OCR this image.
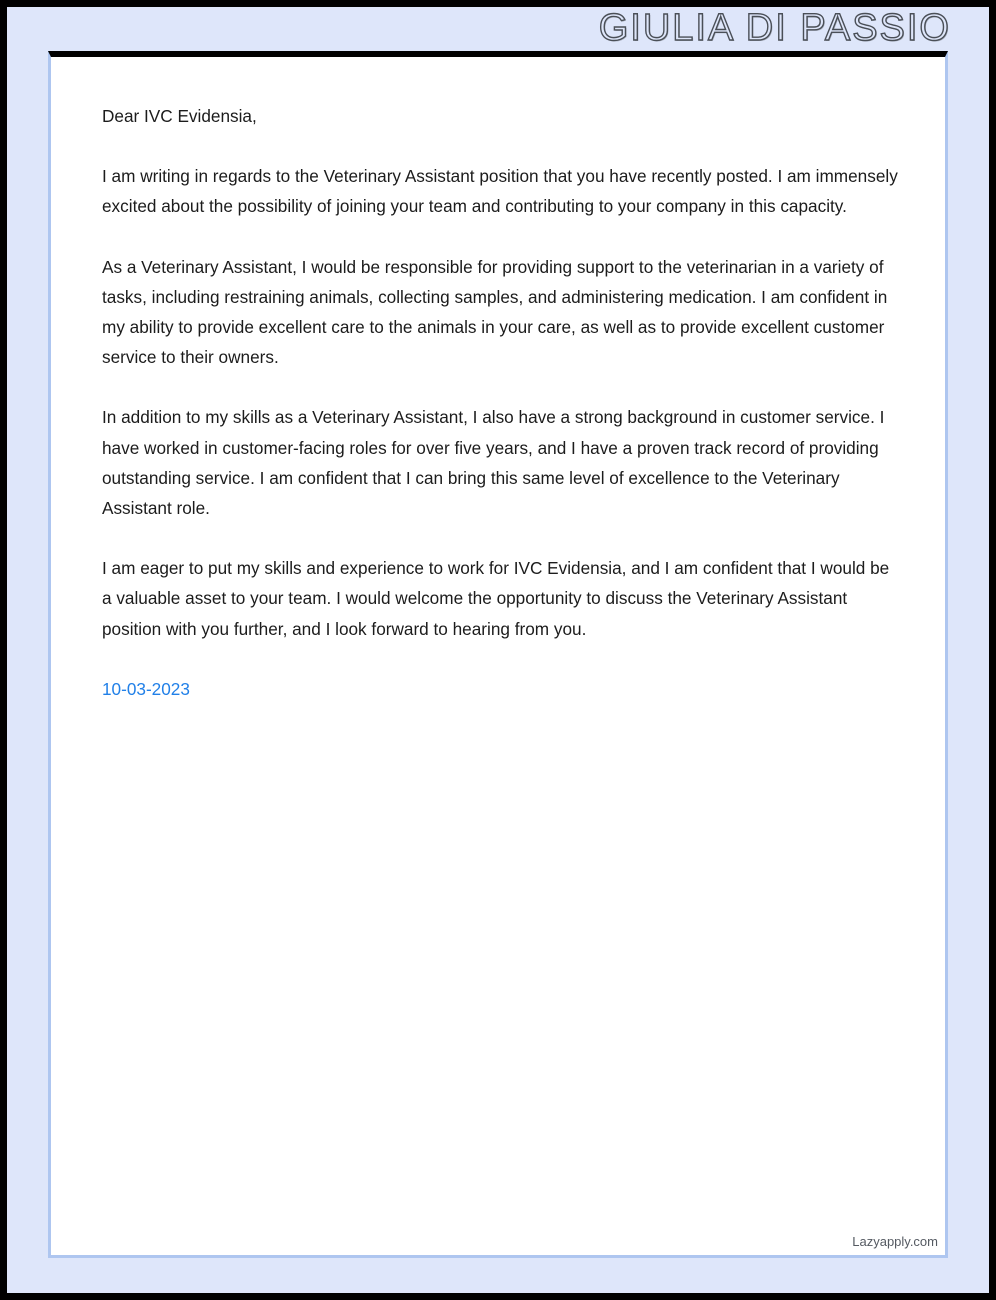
GIULIA DI PASSIO

Dear IVC Evidensia,

I am writing in regards to the Veterinary Assistant position that you have recently posted. I am immensely excited about the possibility of joining your team and contributing to your company in this capacity.

As a Veterinary Assistant, I would be responsible for providing support to the veterinarian in a variety of tasks, including restraining animals, collecting samples, and administering medication. I am confident in my ability to provide excellent care to the animals in your care, as well as to provide excellent customer service to their owners.

In addition to my skills as a Veterinary Assistant, I also have a strong background in customer service. I have worked in customer-facing roles for over five years, and I have a proven track record of providing outstanding service. I am confident that I can bring this same level of excellence to the Veterinary Assistant role.

I am eager to put my skills and experience to work for IVC Evidensia, and I am confident that I would be a valuable asset to your team. I would welcome the opportunity to discuss the Veterinary Assistant position with you further, and I look forward to hearing from you.

10-03-2023

Lazyapply.com
